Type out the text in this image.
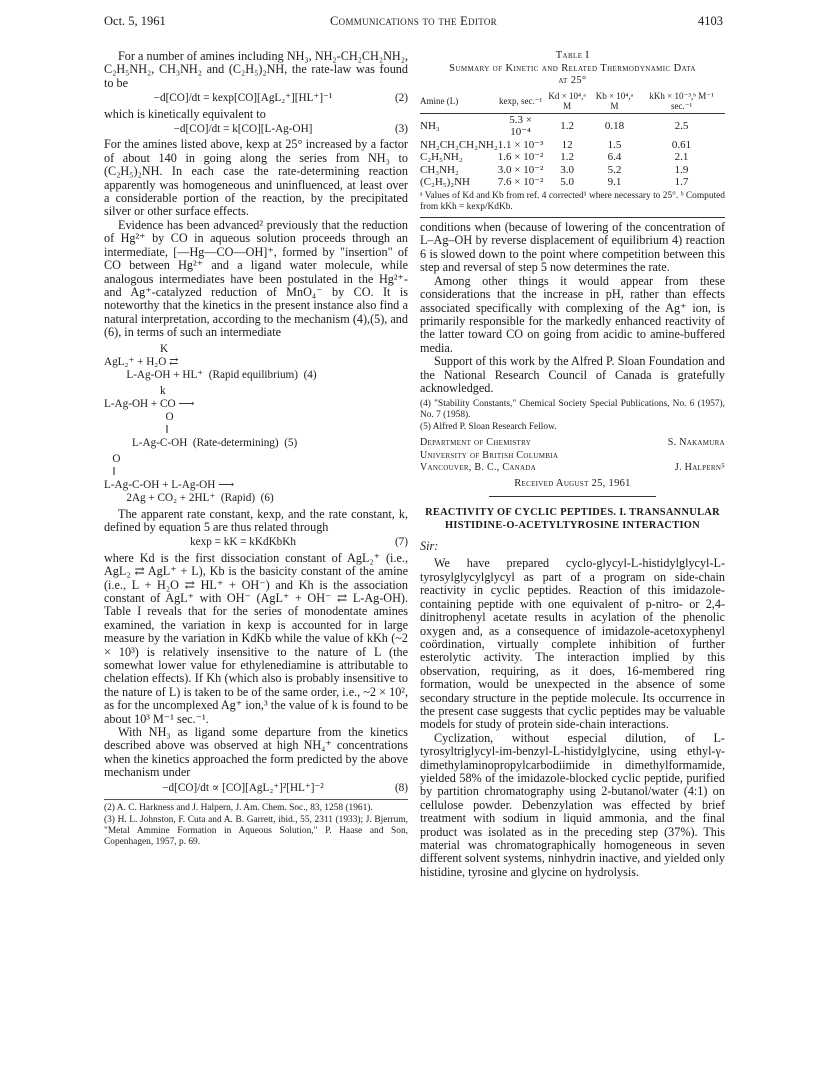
Oct. 5, 1961	Communications to the Editor	4103

For a number of amines including NH₃, NH₂-CH₂CH₂NH₂, C₂H₅NH₂, CH₃NH₂ and (C₂H₅)₂NH, the rate-law was found to be

−d[CO]/dt = kexp[CO][AgL₂⁺][HL⁺]⁻¹	(2)

which is kinetically equivalent to

−d[CO]/dt = k[CO][L-Ag-OH]	(3)

For the amines listed above, kexp at 25° increased by a factor of about 140 in going along the series from NH₃ to (C₂H₅)₂NH. In each case the rate-determining reaction apparently was homogeneous and uninfluenced, at least over a considerable portion of the reaction, by the precipitated silver or other surface effects.

Evidence has been advanced² previously that the reduction of Hg²⁺ by CO in aqueous solution proceeds through an intermediate, [—Hg—CO—OH]⁺, formed by "insertion" of CO between Hg²⁺ and a ligand water molecule, while analogous intermediates have been postulated in the Hg²⁺- and Ag⁺-catalyzed reduction of MnO₄⁻ by CO. It is noteworthy that the kinetics in the present instance also find a natural interpretation, according to the mechanism (4),(5), and (6), in terms of such an intermediate

K
AgL₂⁺ + H₂O ⇄
L-Ag-OH + HL⁺  (Rapid equilibrium)  (4)
k
L-Ag-OH + CO ⟶
O
‖
L-Ag-C-OH  (Rate-determining)  (5)
O
‖
L-Ag-C-OH + L-Ag-OH ⟶
2Ag + CO₂ + 2HL⁺  (Rapid)  (6)

The apparent rate constant, kexp, and the rate constant, k, defined by equation 5 are thus related through

kexp = kK = kKdKbKh	(7)

where Kd is the first dissociation constant of AgL₂⁺ (i.e., AgL₂ ⇄ AgL⁺ + L), Kb is the basicity constant of the amine (i.e., L + H₂O ⇄ HL⁺ + OH⁻) and Kh is the association constant of AgL⁺ with OH⁻ (AgL⁺ + OH⁻ ⇄ L-Ag-OH). Table I reveals that for the series of monodentate amines examined, the variation in kexp is accounted for in large measure by the variation in KdKb while the value of kKh (~2 × 10³) is relatively insensitive to the nature of L (the somewhat lower value for ethylenediamine is attributable to chelation effects). If Kh (which also is probably insensitive to the nature of L) is taken to be of the same order, i.e., ~2 × 10², as for the uncomplexed Ag⁺ ion,³ the value of k is found to be about 10³ M⁻¹ sec.⁻¹.

With NH₃ as ligand some departure from the kinetics described above was observed at high NH₄⁺ concentrations when the kinetics approached the form predicted by the above mechanism under

−d[CO]/dt ∝ [CO][AgL₂⁺]²[HL⁺]⁻²	(8)

(2) A. C. Harkness and J. Halpern, J. Am. Chem. Soc., 83, 1258 (1961).

(3) H. L. Johnston, F. Cuta and A. B. Garrett, ibid., 55, 2311 (1933); J. Bjerrum, "Metal Ammine Formation in Aqueous Solution," P. Haase and Son, Copenhagen, 1957, p. 69.

Table I
Summary of Kinetic and Related Thermodynamic Data
at 25°
Amine (L)	kexp, sec.⁻¹	Kd × 10⁴,ᵃ M	Kb × 10⁴,ᵃ M	kKh × 10⁻³,ᵇ M⁻¹ sec.⁻¹
NH₃	5.3 × 10⁻⁴	1.2	0.18	2.5
NH₂CH₂CH₂NH₂	1.1 × 10⁻³	12	1.5	0.61
C₂H₅NH₂	1.6 × 10⁻²	1.2	6.4	2.1
CH₃NH₂	3.0 × 10⁻²	3.0	5.2	1.9
(C₂H₅)₂NH	7.6 × 10⁻²	5.0	9.1	1.7
ᵃ Values of Kd and Kb from ref. 4 corrected¹ where necessary to 25°. ᵇ Computed from kKh = kexp/KdKb.

conditions when (because of lowering of the concentration of L–Ag–OH by reverse displacement of equilibrium 4) reaction 6 is slowed down to the point where competition between this step and reversal of step 5 now determines the rate.

Among other things it would appear from these considerations that the increase in pH, rather than effects associated specifically with complexing of the Ag⁺ ion, is primarily responsible for the markedly enhanced reactivity of the latter toward CO on going from acidic to amine-buffered media.

Support of this work by the Alfred P. Sloan Foundation and the National Research Council of Canada is gratefully acknowledged.

(4) "Stability Constants," Chemical Society Special Publications, No. 6 (1957), No. 7 (1958).

(5) Alfred P. Sloan Research Fellow.

Department of Chemistry	S. Nakamura
University of British Columbia
Vancouver, B. C., Canada	J. Halpern⁵
Received August 25, 1961
REACTIVITY OF CYCLIC PEPTIDES. I. TRANSANNULAR HISTIDINE-O-ACETYLTYROSINE INTERACTION

Sir:

We have prepared cyclo-glycyl-L-histidylglycyl-L-tyrosylglycylglycyl as part of a program on side-chain reactivity in cyclic peptides. Reaction of this imidazole-containing peptide with one equivalent of p-nitro- or 2,4-dinitrophenyl acetate results in acylation of the phenolic oxygen and, as a consequence of imidazole-acetoxyphenyl coördination, virtually complete inhibition of further esterolytic activity. The interaction implied by this observation, requiring, as it does, 16-membered ring formation, would be unexpected in the absence of some secondary structure in the peptide molecule. Its occurrence in the present case suggests that cyclic peptides may be valuable models for study of protein side-chain interactions.

Cyclization, without especial dilution, of L-tyrosyltriglycyl-im-benzyl-L-histidylglycine, using ethyl-γ-dimethylaminopropylcarbodiimide in dimethylformamide, yielded 58% of the imidazole-blocked cyclic peptide, purified by partition chromatography using 2-butanol/water (4:1) on cellulose powder. Debenzylation was effected by brief treatment with sodium in liquid ammonia, and the final product was isolated as in the preceding step (37%). This material was chromatographically homogeneous in seven different solvent systems, ninhydrin inactive, and yielded only histidine, tyrosine and glycine on hydrolysis.
